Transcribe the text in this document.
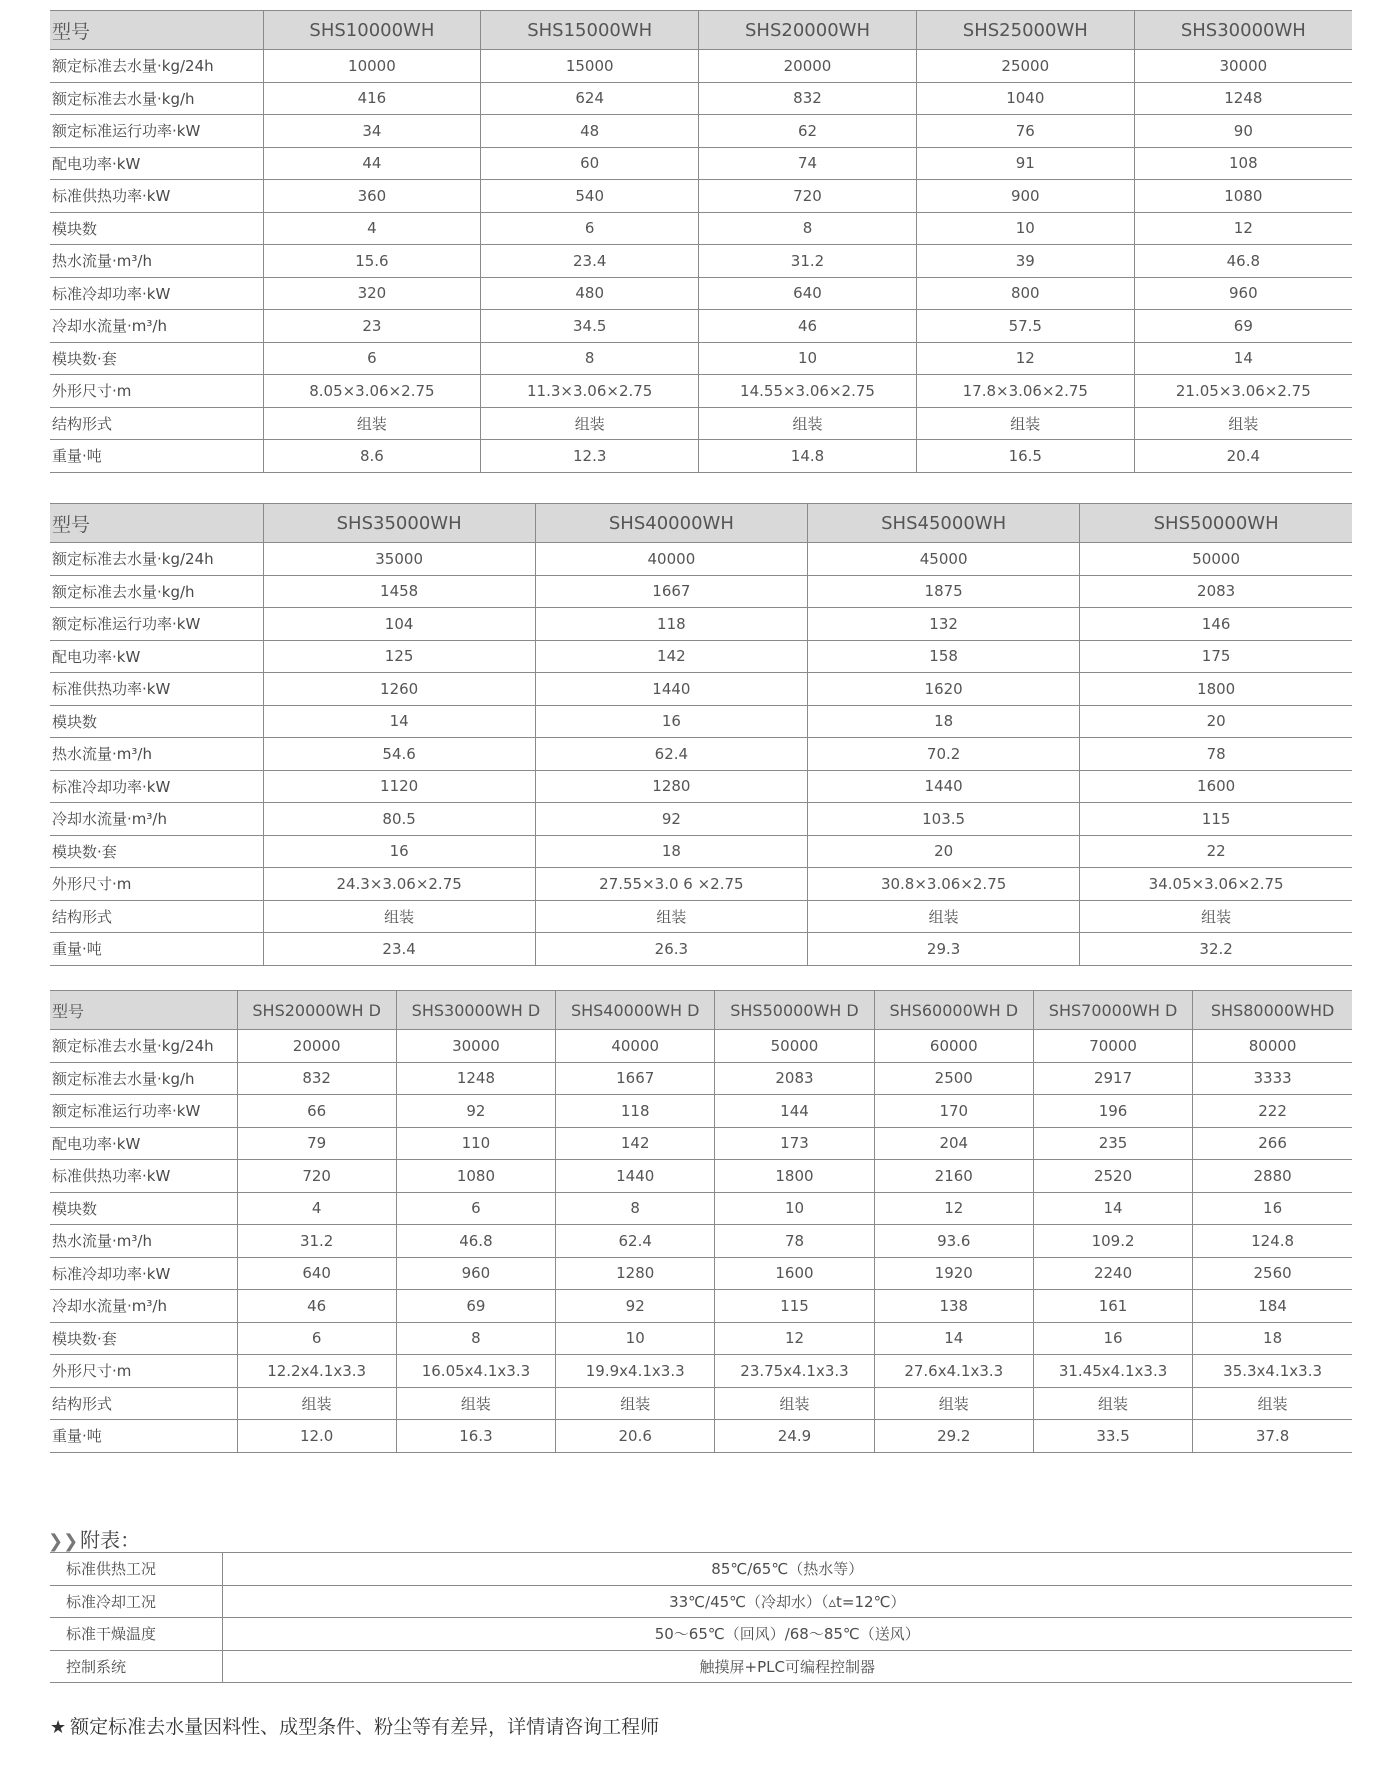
型号	SHS10000WH	SHS15000WH	SHS20000WH	SHS25000WH	SHS30000WH
额定标准去水量·kg/24h	10000	15000	20000	25000	30000
额定标准去水量·kg/h	416	624	832	1040	1248
额定标准运行功率·kW	34	48	62	76	90
配电功率·kW	44	60	74	91	108
标准供热功率·kW	360	540	720	900	1080
模块数	4	6	8	10	12
热水流量·m³/h	15.6	23.4	31.2	39	46.8
标准冷却功率·kW	320	480	640	800	960
冷却水流量·m³/h	23	34.5	46	57.5	69
模块数·套	6	8	10	12	14
外形尺寸·m	8.05×3.06×2.75	11.3×3.06×2.75	14.55×3.06×2.75	17.8×3.06×2.75	21.05×3.06×2.75
结构形式	组装	组装	组装	组装	组装
重量·吨	8.6	12.3	14.8	16.5	20.4
型号	SHS35000WH	SHS40000WH	SHS45000WH	SHS50000WH
额定标准去水量·kg/24h	35000	40000	45000	50000
额定标准去水量·kg/h	1458	1667	1875	2083
额定标准运行功率·kW	104	118	132	146
配电功率·kW	125	142	158	175
标准供热功率·kW	1260	1440	1620	1800
模块数	14	16	18	20
热水流量·m³/h	54.6	62.4	70.2	78
标准冷却功率·kW	1120	1280	1440	1600
冷却水流量·m³/h	80.5	92	103.5	115
模块数·套	16	18	20	22
外形尺寸·m	24.3×3.06×2.75	27.55×3.0 6 ×2.75	30.8×3.06×2.75	34.05×3.06×2.75
结构形式	组装	组装	组装	组装
重量·吨	23.4	26.3	29.3	32.2
型号	SHS20000WH D	SHS30000WH D	SHS40000WH D	SHS50000WH D	SHS60000WH D	SHS70000WH D	SHS80000WHD
额定标准去水量·kg/24h	20000	30000	40000	50000	60000	70000	80000
额定标准去水量·kg/h	832	1248	1667	2083	2500	2917	3333
额定标准运行功率·kW	66	92	118	144	170	196	222
配电功率·kW	79	110	142	173	204	235	266
标准供热功率·kW	720	1080	1440	1800	2160	2520	2880
模块数	4	6	8	10	12	14	16
热水流量·m³/h	31.2	46.8	62.4	78	93.6	109.2	124.8
标准冷却功率·kW	640	960	1280	1600	1920	2240	2560
冷却水流量·m³/h	46	69	92	115	138	161	184
模块数·套	6	8	10	12	14	16	18
外形尺寸·m	12.2x4.1x3.3	16.05x4.1x3.3	19.9x4.1x3.3	23.75x4.1x3.3	27.6x4.1x3.3	31.45x4.1x3.3	35.3x4.1x3.3
结构形式	组装	组装	组装	组装	组装	组装	组装
重量·吨	12.0	16.3	20.6	24.9	29.2	33.5	37.8
❯❯ 附表：
标准供热工况	85℃/65℃（热水等）
标准冷却工况	33℃/45℃（冷却水）（▵t=12℃）
标准干燥温度	50～65℃（回风）/68～85℃（送风）
控制系统	触摸屏+PLC可编程控制器
★ 额定标准去水量因料性、成型条件、粉尘等有差异，详情请咨询工程师
